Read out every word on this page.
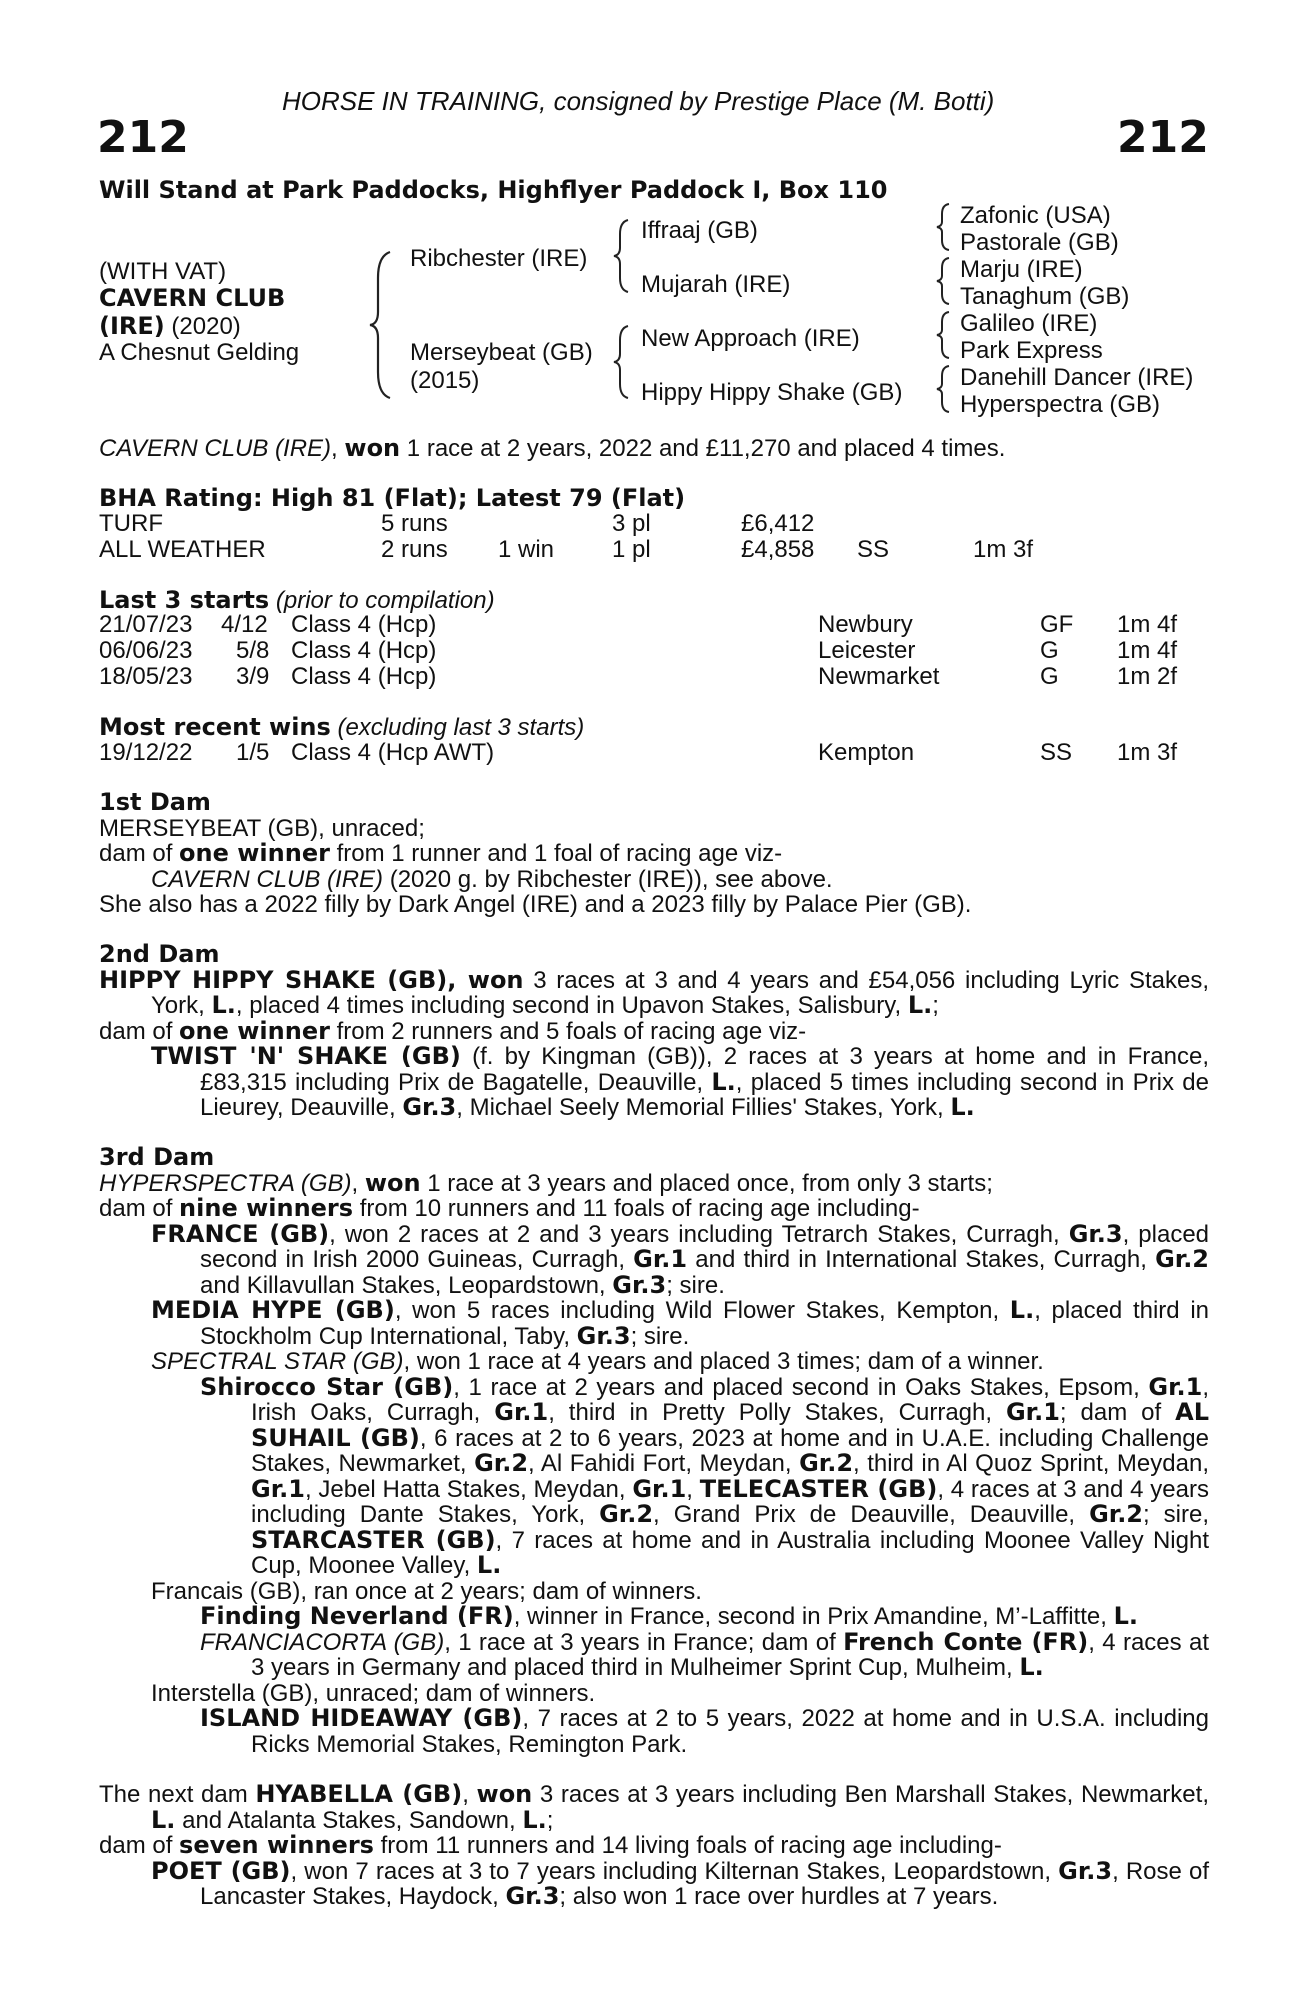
HORSE IN TRAINING, consigned by Prestige Place (M. Botti)
212	212
Will Stand at Park Paddocks, Highflyer Paddock I, Box 110
(WITH VAT)
CAVERN CLUB
(IRE) (2020)
A Chesnut Gelding
Ribchester (IRE)
Merseybeat (GB)
(2015)
Iffraaj (GB)
Mujarah (IRE)
New Approach (IRE)
Hippy Hippy Shake (GB)
Zafonic (USA)
Pastorale (GB)
Marju (IRE)
Tanaghum (GB)
Galileo (IRE)
Park Express
Danehill Dancer (IRE)
Hyperspectra (GB)
CAVERN CLUB (IRE), won 1 race at 2 years, 2022 and £11,270 and placed 4 times.
BHA Rating: High 81 (Flat); Latest 79 (Flat)
TURF	5 runs	3 pl	£6,412
ALL WEATHER	2 runs 1 win 1 pl	£4,858 SS	1m 3f
Last 3 starts (prior to compilation)
21/07/23 4/12 Class 4 (Hcp)	Newbury	GF 1m 4f
06/06/23 5/8 Class 4 (Hcp)	Leicester	G 1m 4f
18/05/23 3/9 Class 4 (Hcp)	Newmarket	G 1m 2f
Most recent wins (excluding last 3 starts)
19/12/22 1/5 Class 4 (Hcp AWT)	Kempton	SS 1m 3f
1st Dam
MERSEYBEAT (GB), unraced;
dam of one winner from 1 runner and 1 foal of racing age viz-
CAVERN CLUB (IRE) (2020 g. by Ribchester (IRE)), see above.
She also has a 2022 filly by Dark Angel (IRE) and a 2023 filly by Palace Pier (GB).
2nd Dam
HIPPY HIPPY SHAKE (GB), won 3 races at 3 and 4 years and £54,056 including Lyric Stakes, York, L., placed 4 times including second in Upavon Stakes, Salisbury, L.;
dam of one winner from 2 runners and 5 foals of racing age viz-
TWIST 'N' SHAKE (GB) (f. by Kingman (GB)), 2 races at 3 years at home and in France, £83,315 including Prix de Bagatelle, Deauville, L., placed 5 times including second in Prix de Lieurey, Deauville, Gr.3, Michael Seely Memorial Fillies' Stakes, York, L.
3rd Dam
HYPERSPECTRA (GB), won 1 race at 3 years and placed once, from only 3 starts;
dam of nine winners from 10 runners and 11 foals of racing age including-
FRANCE (GB), won 2 races at 2 and 3 years including Tetrarch Stakes, Curragh, Gr.3, placed second in Irish 2000 Guineas, Curragh, Gr.1 and third in International Stakes, Curragh, Gr.2 and Killavullan Stakes, Leopardstown, Gr.3; sire.
MEDIA HYPE (GB), won 5 races including Wild Flower Stakes, Kempton, L., placed third in Stockholm Cup International, Taby, Gr.3; sire.
SPECTRAL STAR (GB), won 1 race at 4 years and placed 3 times; dam of a winner.
Shirocco Star (GB), 1 race at 2 years and placed second in Oaks Stakes, Epsom, Gr.1, Irish Oaks, Curragh, Gr.1, third in Pretty Polly Stakes, Curragh, Gr.1; dam of AL SUHAIL (GB), 6 races at 2 to 6 years, 2023 at home and in U.A.E. including Challenge Stakes, Newmarket, Gr.2, Al Fahidi Fort, Meydan, Gr.2, third in Al Quoz Sprint, Meydan, Gr.1, Jebel Hatta Stakes, Meydan, Gr.1, TELECASTER (GB), 4 races at 3 and 4 years including Dante Stakes, York, Gr.2, Grand Prix de Deauville, Deauville, Gr.2; sire, STARCASTER (GB), 7 races at home and in Australia including Moonee Valley Night Cup, Moonee Valley, L.
Francais (GB), ran once at 2 years; dam of winners.
Finding Neverland (FR), winner in France, second in Prix Amandine, M’-Laffitte, L.
FRANCIACORTA (GB), 1 race at 3 years in France; dam of French Conte (FR), 4 races at 3 years in Germany and placed third in Mulheimer Sprint Cup, Mulheim, L.
Interstella (GB), unraced; dam of winners.
ISLAND HIDEAWAY (GB), 7 races at 2 to 5 years, 2022 at home and in U.S.A. including Ricks Memorial Stakes, Remington Park.
The next dam HYABELLA (GB), won 3 races at 3 years including Ben Marshall Stakes, Newmarket, L. and Atalanta Stakes, Sandown, L.;
dam of seven winners from 11 runners and 14 living foals of racing age including-
POET (GB), won 7 races at 3 to 7 years including Kilternan Stakes, Leopardstown, Gr.3, Rose of Lancaster Stakes, Haydock, Gr.3; also won 1 race over hurdles at 7 years.
